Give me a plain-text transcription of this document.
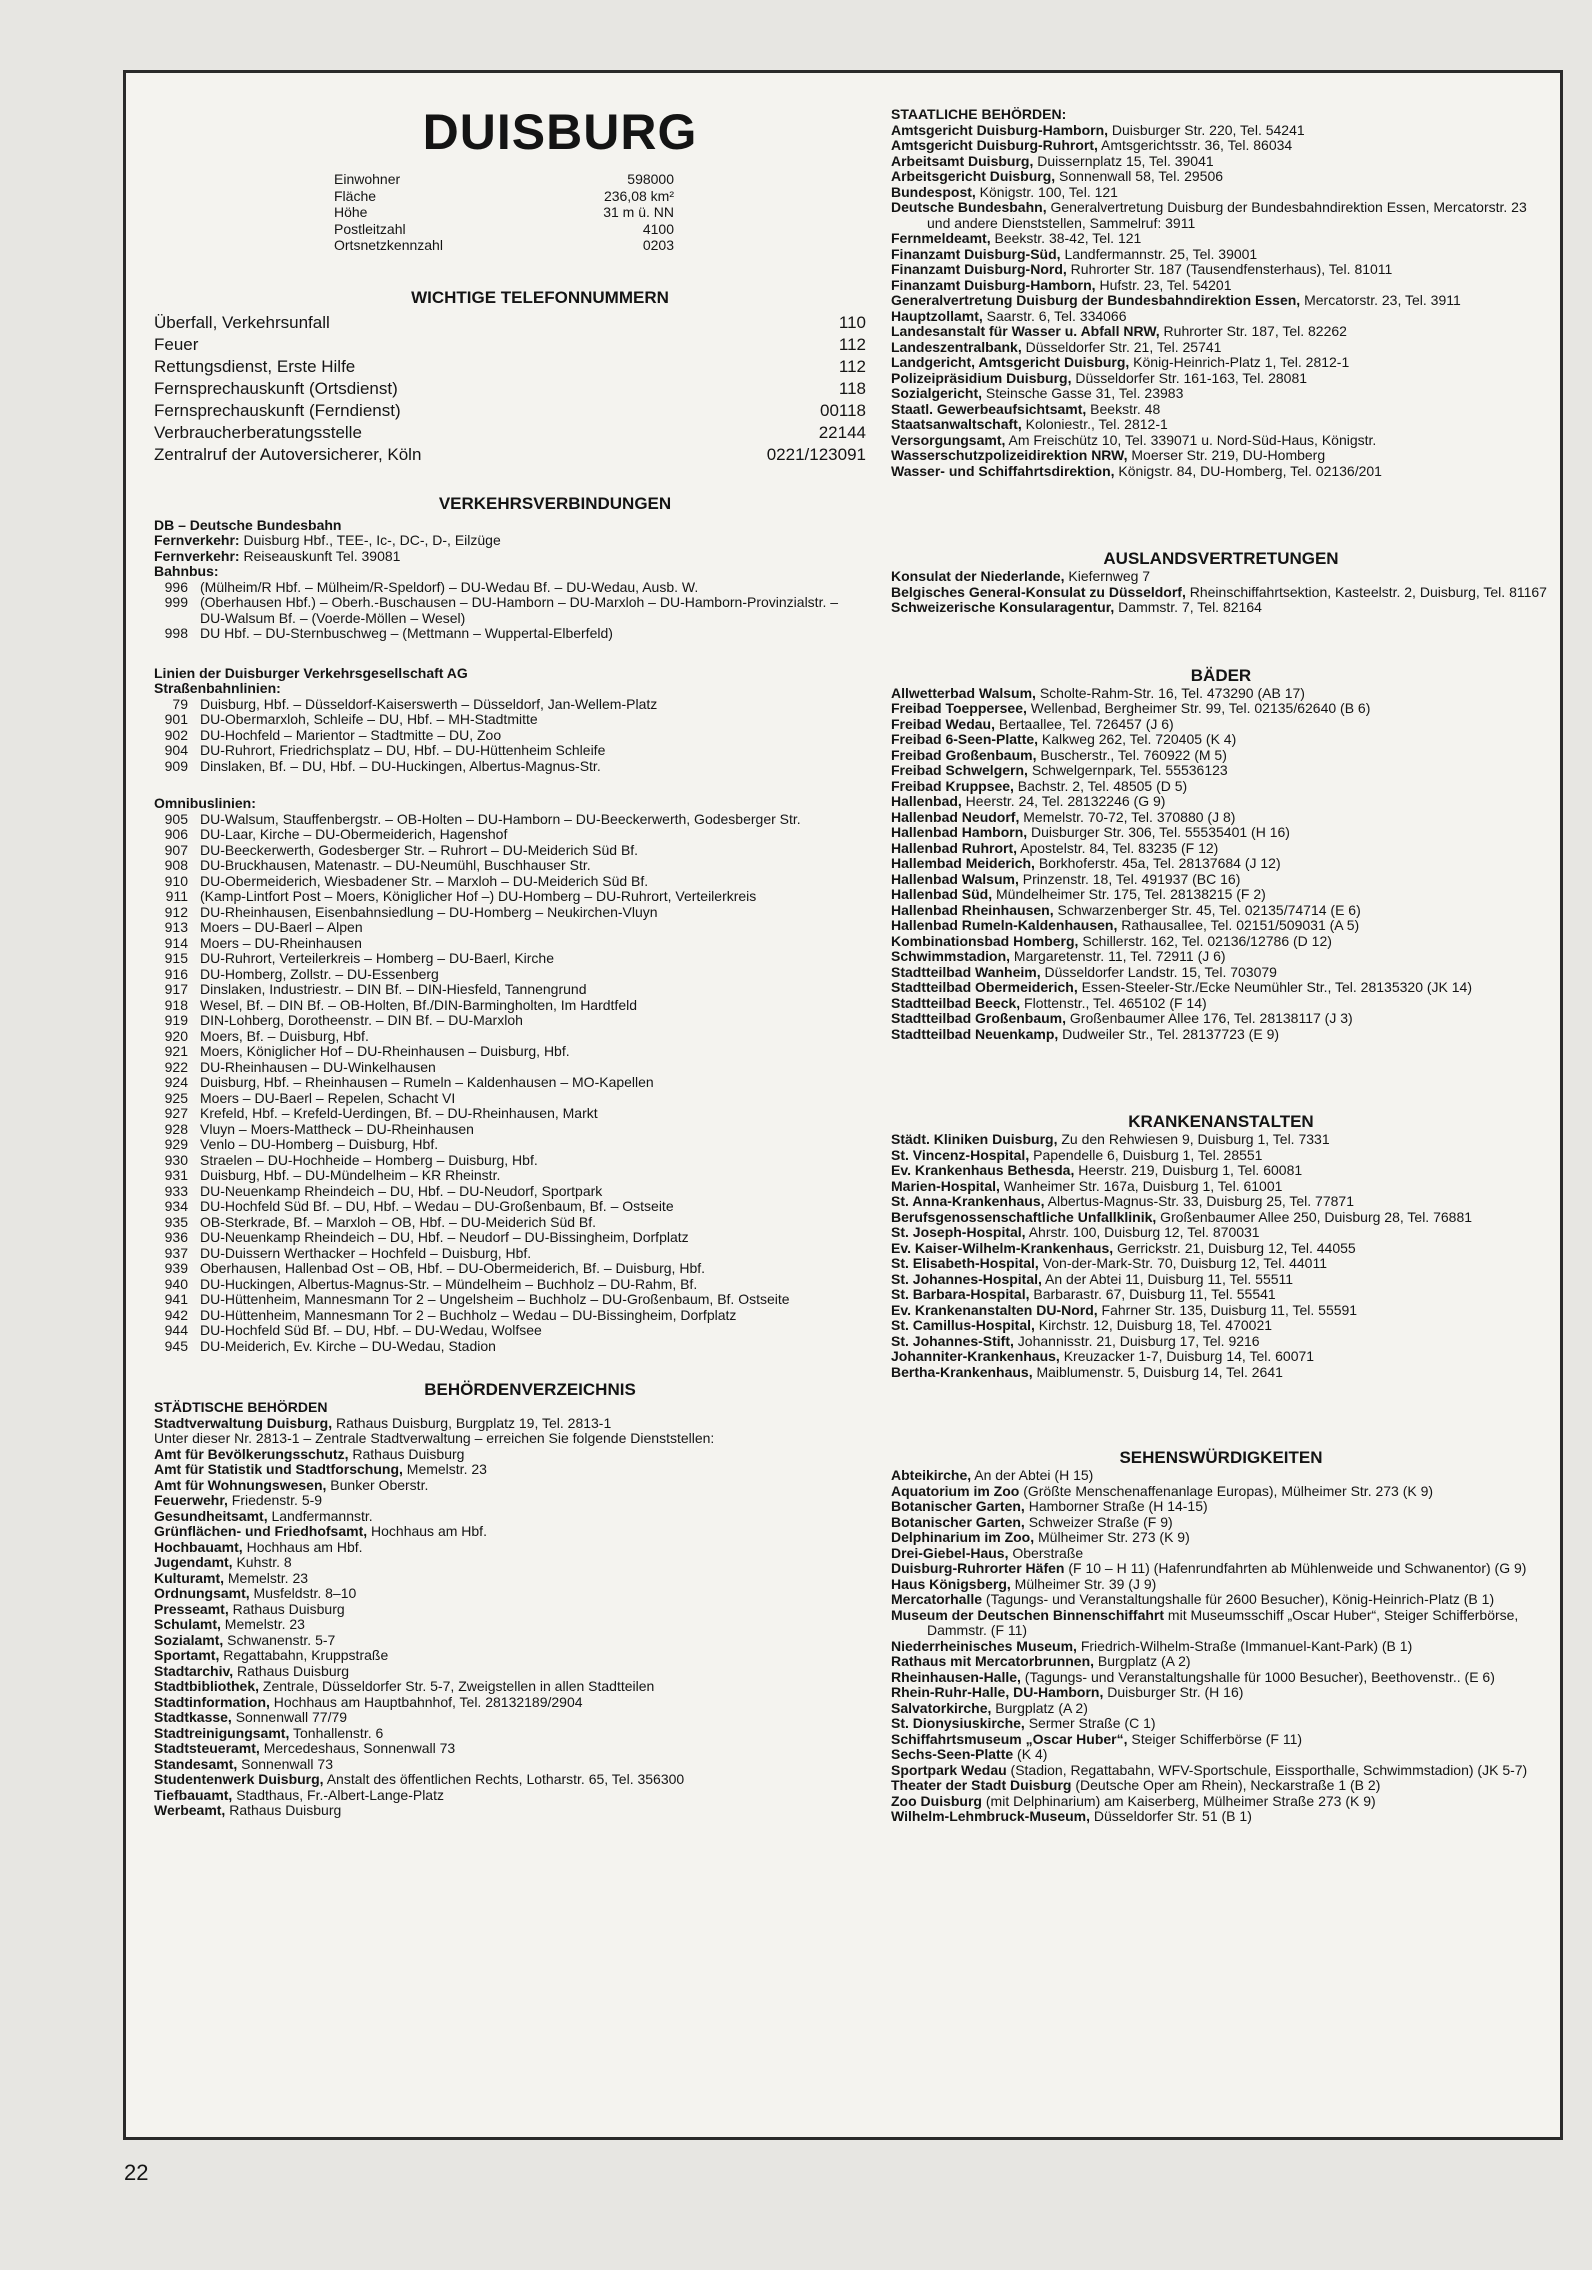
DUISBURG
Einwohner	598000
Fläche	236,08 km²
Höhe	31 m ü. NN
Postleitzahl	4100
Ortsnetzkennzahl	0203
WICHTIGE TELEFONNUMMERN
Überfall, Verkehrsunfall	110
Feuer	112
Rettungsdienst, Erste Hilfe	112
Fernsprechauskunft (Ortsdienst)	118
Fernsprechauskunft (Ferndienst)	00118
Verbraucherberatungsstelle	22144
Zentralruf der Autoversicherer, Köln	0221/123091
VERKEHRSVERBINDUNGEN
DB – Deutsche Bundesbahn
Fernverkehr: Duisburg Hbf., TEE-, Ic-, DC-, D-, Eilzüge
Fernverkehr: Reiseauskunft Tel. 39081
Bahnbus:
996 (Mülheim/R Hbf. – Mülheim/R-Speldorf) – DU-Wedau Bf. – DU-Wedau, Ausb. W.
999 (Oberhausen Hbf.) – Oberh.-Buschausen – DU-Hamborn – DU-Marxloh – DU-Hamborn-Provinzialstr. – DU-Walsum Bf. – (Voerde-Möllen – Wesel)
998 DU Hbf. – DU-Sternbuschweg – (Mettmann – Wuppertal-Elberfeld)
Linien der Duisburger Verkehrsgesellschaft AG
Straßenbahnlinien:
79 Duisburg, Hbf. – Düsseldorf-Kaiserswerth – Düsseldorf, Jan-Wellem-Platz
901 DU-Obermarxloh, Schleife – DU, Hbf. – MH-Stadtmitte
902 DU-Hochfeld – Marientor – Stadtmitte – DU, Zoo
904 DU-Ruhrort, Friedrichsplatz – DU, Hbf. – DU-Hüttenheim Schleife
909 Dinslaken, Bf. – DU, Hbf. – DU-Huckingen, Albertus-Magnus-Str.
Omnibuslinien:
905 DU-Walsum, Stauffenbergstr. – OB-Holten – DU-Hamborn – DU-Beeckerwerth, Godesberger Str.
906 DU-Laar, Kirche – DU-Obermeiderich, Hagenshof
907 DU-Beeckerwerth, Godesberger Str. – Ruhrort – DU-Meiderich Süd Bf.
908 DU-Bruckhausen, Matenastr. – DU-Neumühl, Buschhauser Str.
910 DU-Obermeiderich, Wiesbadener Str. – Marxloh – DU-Meiderich Süd Bf.
911 (Kamp-Lintfort Post – Moers, Königlicher Hof –) DU-Homberg – DU-Ruhrort, Verteilerkreis
912 DU-Rheinhausen, Eisenbahnsiedlung – DU-Homberg – Neukirchen-Vluyn
913 Moers – DU-Baerl – Alpen
914 Moers – DU-Rheinhausen
915 DU-Ruhrort, Verteilerkreis – Homberg – DU-Baerl, Kirche
916 DU-Homberg, Zollstr. – DU-Essenberg
917 Dinslaken, Industriestr. – DIN Bf. – DIN-Hiesfeld, Tannengrund
918 Wesel, Bf. – DIN Bf. – OB-Holten, Bf./DIN-Barmingholten, Im Hardtfeld
919 DIN-Lohberg, Dorotheenstr. – DIN Bf. – DU-Marxloh
920 Moers, Bf. – Duisburg, Hbf.
921 Moers, Königlicher Hof – DU-Rheinhausen – Duisburg, Hbf.
922 DU-Rheinhausen – DU-Winkelhausen
924 Duisburg, Hbf. – Rheinhausen – Rumeln – Kaldenhausen – MO-Kapellen
925 Moers – DU-Baerl – Repelen, Schacht VI
927 Krefeld, Hbf. – Krefeld-Uerdingen, Bf. – DU-Rheinhausen, Markt
928 Vluyn – Moers-Mattheck – DU-Rheinhausen
929 Venlo – DU-Homberg – Duisburg, Hbf.
930 Straelen – DU-Hochheide – Homberg – Duisburg, Hbf.
931 Duisburg, Hbf. – DU-Mündelheim – KR Rheinstr.
933 DU-Neuenkamp Rheindeich – DU, Hbf. – DU-Neudorf, Sportpark
934 DU-Hochfeld Süd Bf. – DU, Hbf. – Wedau – DU-Großenbaum, Bf. – Ostseite
935 OB-Sterkrade, Bf. – Marxloh – OB, Hbf. – DU-Meiderich Süd Bf.
936 DU-Neuenkamp Rheindeich – DU, Hbf. – Neudorf – DU-Bissingheim, Dorfplatz
937 DU-Duissern Werthacker – Hochfeld – Duisburg, Hbf.
939 Oberhausen, Hallenbad Ost – OB, Hbf. – DU-Obermeiderich, Bf. – Duisburg, Hbf.
940 DU-Huckingen, Albertus-Magnus-Str. – Mündelheim – Buchholz – DU-Rahm, Bf.
941 DU-Hüttenheim, Mannesmann Tor 2 – Ungelsheim – Buchholz – DU-Großenbaum, Bf. Ostseite
942 DU-Hüttenheim, Mannesmann Tor 2 – Buchholz – Wedau – DU-Bissingheim, Dorfplatz
944 DU-Hochfeld Süd Bf. – DU, Hbf. – DU-Wedau, Wolfsee
945 DU-Meiderich, Ev. Kirche – DU-Wedau, Stadion
BEHÖRDENVERZEICHNIS
STÄDTISCHE BEHÖRDEN
Stadtverwaltung Duisburg, Rathaus Duisburg, Burgplatz 19, Tel. 2813-1
Unter dieser Nr. 2813-1 – Zentrale Stadtverwaltung – erreichen Sie folgende Dienststellen:
Amt für Bevölkerungsschutz, Rathaus Duisburg
Amt für Statistik und Stadtforschung, Memelstr. 23
Amt für Wohnungswesen, Bunker Oberstr.
Feuerwehr, Friedenstr. 5-9
Gesundheitsamt, Landfermannstr.
Grünflächen- und Friedhofsamt, Hochhaus am Hbf.
Hochbauamt, Hochhaus am Hbf.
Jugendamt, Kuhstr. 8
Kulturamt, Memelstr. 23
Ordnungsamt, Musfeldstr. 8–10
Presseamt, Rathaus Duisburg
Schulamt, Memelstr. 23
Sozialamt, Schwanenstr. 5-7
Sportamt, Regattabahn, Kruppstraße
Stadtarchiv, Rathaus Duisburg
Stadtbibliothek, Zentrale, Düsseldorfer Str. 5-7, Zweigstellen in allen Stadtteilen
Stadtinformation, Hochhaus am Hauptbahnhof, Tel. 28132189/2904
Stadtkasse, Sonnenwall 77/79
Stadtreinigungsamt, Tonhallenstr. 6
Stadtsteueramt, Mercedeshaus, Sonnenwall 73
Standesamt, Sonnenwall 73
Studentenwerk Duisburg, Anstalt des öffentlichen Rechts, Lotharstr. 65, Tel. 356300
Tiefbauamt, Stadthaus, Fr.-Albert-Lange-Platz
Werbeamt, Rathaus Duisburg
STAATLICHE BEHÖRDEN:
Amtsgericht Duisburg-Hamborn, Duisburger Str. 220, Tel. 54241
Amtsgericht Duisburg-Ruhrort, Amtsgerichtsstr. 36, Tel. 86034
Arbeitsamt Duisburg, Duissernplatz 15, Tel. 39041
Arbeitsgericht Duisburg, Sonnenwall 58, Tel. 29506
Bundespost, Königstr. 100, Tel. 121
Deutsche Bundesbahn, Generalvertretung Duisburg der Bundesbahndirektion Essen, Mercatorstr. 23 und andere Dienststellen, Sammelruf: 3911
Fernmeldeamt, Beekstr. 38-42, Tel. 121
Finanzamt Duisburg-Süd, Landfermannstr. 25, Tel. 39001
Finanzamt Duisburg-Nord, Ruhrorter Str. 187 (Tausendfensterhaus), Tel. 81011
Finanzamt Duisburg-Hamborn, Hufstr. 23, Tel. 54201
Generalvertretung Duisburg der Bundesbahndirektion Essen, Mercatorstr. 23, Tel. 3911
Hauptzollamt, Saarstr. 6, Tel. 334066
Landesanstalt für Wasser u. Abfall NRW, Ruhrorter Str. 187, Tel. 82262
Landeszentralbank, Düsseldorfer Str. 21, Tel. 25741
Landgericht, Amtsgericht Duisburg, König-Heinrich-Platz 1, Tel. 2812-1
Polizeipräsidium Duisburg, Düsseldorfer Str. 161-163, Tel. 28081
Sozialgericht, Steinsche Gasse 31, Tel. 23983
Staatl. Gewerbeaufsichtsamt, Beekstr. 48
Staatsanwaltschaft, Koloniestr., Tel. 2812-1
Versorgungsamt, Am Freischütz 10, Tel. 339071 u. Nord-Süd-Haus, Königstr.
Wasserschutzpolizeidirektion NRW, Moerser Str. 219, DU-Homberg
Wasser- und Schiffahrtsdirektion, Königstr. 84, DU-Homberg, Tel. 02136/201
AUSLANDSVERTRETUNGEN
Konsulat der Niederlande, Kiefernweg 7
Belgisches General-Konsulat zu Düsseldorf, Rheinschiffahrtsektion, Kasteelstr. 2, Duisburg, Tel. 81167
Schweizerische Konsularagentur, Dammstr. 7, Tel. 82164
BÄDER
Allwetterbad Walsum, Scholte-Rahm-Str. 16, Tel. 473290 (AB 17)
Freibad Toeppersee, Wellenbad, Bergheimer Str. 99, Tel. 02135/62640 (B 6)
Freibad Wedau, Bertaallee, Tel. 726457 (J 6)
Freibad 6-Seen-Platte, Kalkweg 262, Tel. 720405 (K 4)
Freibad Großenbaum, Buscherstr., Tel. 760922 (M 5)
Freibad Schwelgern, Schwelgernpark, Tel. 55536123
Freibad Kruppsee, Bachstr. 2, Tel. 48505 (D 5)
Hallenbad, Heerstr. 24, Tel. 28132246 (G 9)
Hallenbad Neudorf, Memelstr. 70-72, Tel. 370880 (J 8)
Hallenbad Hamborn, Duisburger Str. 306, Tel. 55535401 (H 16)
Hallenbad Ruhrort, Apostelstr. 84, Tel. 83235 (F 12)
Hallembad Meiderich, Borkhoferstr. 45a, Tel. 28137684 (J 12)
Hallenbad Walsum, Prinzenstr. 18, Tel. 491937 (BC 16)
Hallenbad Süd, Mündelheimer Str. 175, Tel. 28138215 (F 2)
Hallenbad Rheinhausen, Schwarzenberger Str. 45, Tel. 02135/74714 (E 6)
Hallenbad Rumeln-Kaldenhausen, Rathausallee, Tel. 02151/509031 (A 5)
Kombinationsbad Homberg, Schillerstr. 162, Tel. 02136/12786 (D 12)
Schwimmstadion, Margaretenstr. 11, Tel. 72911 (J 6)
Stadtteilbad Wanheim, Düsseldorfer Landstr. 15, Tel. 703079
Stadtteilbad Obermeiderich, Essen-Steeler-Str./Ecke Neumühler Str., Tel. 28135320 (JK 14)
Stadtteilbad Beeck, Flottenstr., Tel. 465102 (F 14)
Stadtteilbad Großenbaum, Großenbaumer Allee 176, Tel. 28138117 (J 3)
Stadtteilbad Neuenkamp, Dudweiler Str., Tel. 28137723 (E 9)
KRANKENANSTALTEN
Städt. Kliniken Duisburg, Zu den Rehwiesen 9, Duisburg 1, Tel. 7331
St. Vincenz-Hospital, Papendelle 6, Duisburg 1, Tel. 28551
Ev. Krankenhaus Bethesda, Heerstr. 219, Duisburg 1, Tel. 60081
Marien-Hospital, Wanheimer Str. 167a, Duisburg 1, Tel. 61001
St. Anna-Krankenhaus, Albertus-Magnus-Str. 33, Duisburg 25, Tel. 77871
Berufsgenossenschaftliche Unfallklinik, Großenbaumer Allee 250, Duisburg 28, Tel. 76881
St. Joseph-Hospital, Ahrstr. 100, Duisburg 12, Tel. 870031
Ev. Kaiser-Wilhelm-Krankenhaus, Gerrickstr. 21, Duisburg 12, Tel. 44055
St. Elisabeth-Hospital, Von-der-Mark-Str. 70, Duisburg 12, Tel. 44011
St. Johannes-Hospital, An der Abtei 11, Duisburg 11, Tel. 55511
St. Barbara-Hospital, Barbarastr. 67, Duisburg 11, Tel. 55541
Ev. Krankenanstalten DU-Nord, Fahrner Str. 135, Duisburg 11, Tel. 55591
St. Camillus-Hospital, Kirchstr. 12, Duisburg 18, Tel. 470021
St. Johannes-Stift, Johannisstr. 21, Duisburg 17, Tel. 9216
Johanniter-Krankenhaus, Kreuzacker 1-7, Duisburg 14, Tel. 60071
Bertha-Krankenhaus, Maiblumenstr. 5, Duisburg 14, Tel. 2641
SEHENSWÜRDIGKEITEN
Abteikirche, An der Abtei (H 15)
Aquatorium im Zoo (Größte Menschenaffenanlage Europas), Mülheimer Str. 273 (K 9)
Botanischer Garten, Hamborner Straße (H 14-15)
Botanischer Garten, Schweizer Straße (F 9)
Delphinarium im Zoo, Mülheimer Str. 273 (K 9)
Drei-Giebel-Haus, Oberstraße
Duisburg-Ruhrorter Häfen (F 10 – H 11) (Hafenrundfahrten ab Mühlenweide und Schwanentor) (G 9)
Haus Königsberg, Mülheimer Str. 39 (J 9)
Mercatorhalle (Tagungs- und Veranstaltungshalle für 2600 Besucher), König-Heinrich-Platz (B 1)
Museum der Deutschen Binnenschiffahrt mit Museumsschiff „Oscar Huber“, Steiger Schifferbörse, Dammstr. (F 11)
Niederrheinisches Museum, Friedrich-Wilhelm-Straße (Immanuel-Kant-Park) (B 1)
Rathaus mit Mercatorbrunnen, Burgplatz (A 2)
Rheinhausen-Halle, (Tagungs- und Veranstaltungshalle für 1000 Besucher), Beethovenstr.. (E 6)
Rhein-Ruhr-Halle, DU-Hamborn, Duisburger Str. (H 16)
Salvatorkirche, Burgplatz (A 2)
St. Dionysiuskirche, Sermer Straße (C 1)
Schiffahrtsmuseum „Oscar Huber“, Steiger Schifferbörse (F 11)
Sechs-Seen-Platte (K 4)
Sportpark Wedau (Stadion, Regattabahn, WFV-Sportschule, Eissporthalle, Schwimmstadion) (JK 5-7)
Theater der Stadt Duisburg (Deutsche Oper am Rhein), Neckarstraße 1 (B 2)
Zoo Duisburg (mit Delphinarium) am Kaiserberg, Mülheimer Straße 273 (K 9)
Wilhelm-Lehmbruck-Museum, Düsseldorfer Str. 51 (B 1)
22
